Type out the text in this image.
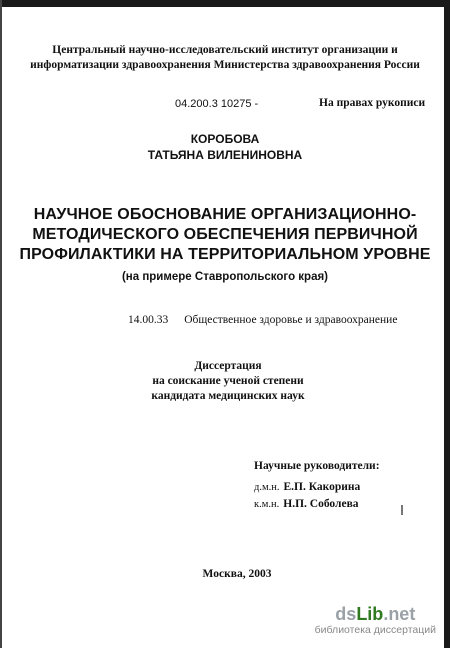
Центральный научно-исследовательский институт организации и
информатизации здравоохранения Министерства здравоохранения России
04.200.3 10275 -	На правах рукописи
КОРОБОВА
ТАТЬЯНА ВИЛЕНИНОВНА
НАУЧНОЕ ОБОСНОВАНИЕ ОРГАНИЗАЦИОННО-
МЕТОДИЧЕСКОГО ОБЕСПЕЧЕНИЯ ПЕРВИЧНОЙ
ПРОФИЛАКТИКИ НА ТЕРРИТОРИАЛЬНОМ УРОВНЕ
(на примере Ставропольского края)
14.00.33 Общественное здоровье и здравоохранение
Диссертация
на соискание ученой степени
кандидата медицинских наук
Научные руководители:
д.м.н. Е.П. Какорина
к.м.н. Н.П. Соболева
Москва, 2003
dsLib.net
библиотека диссертаций
